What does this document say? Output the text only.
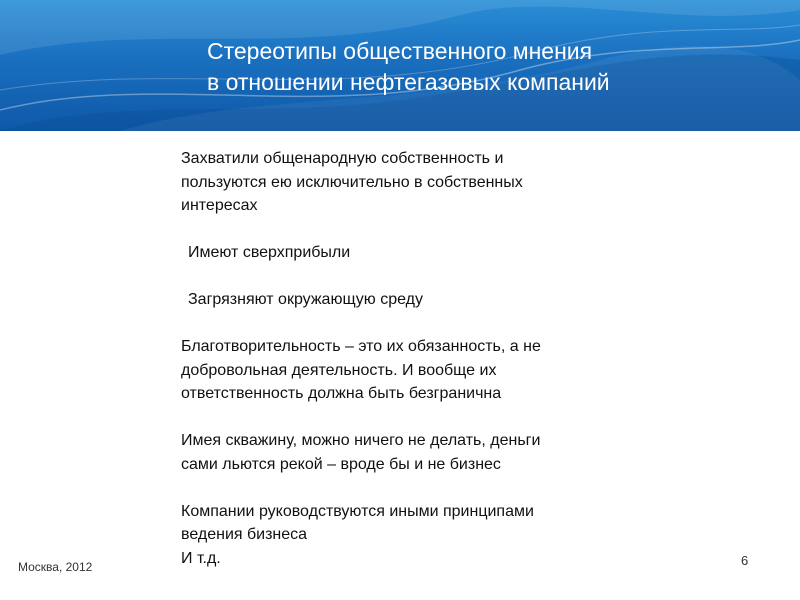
Стереотипы общественного мнения
в отношении нефтегазовых компаний
Захватили общенародную собственность и
пользуются ею исключительно в собственных
интересах
Имеют сверхприбыли
Загрязняют окружающую среду
Благотворительность – это их обязанность, а не
добровольная деятельность. И вообще их
ответственность должна быть безгранична
Имея скважину, можно ничего не делать, деньги
сами льются рекой – вроде бы и не бизнес
Компании руководствуются иными принципами
ведения бизнеса
И т.д.
Москва, 2012	6
